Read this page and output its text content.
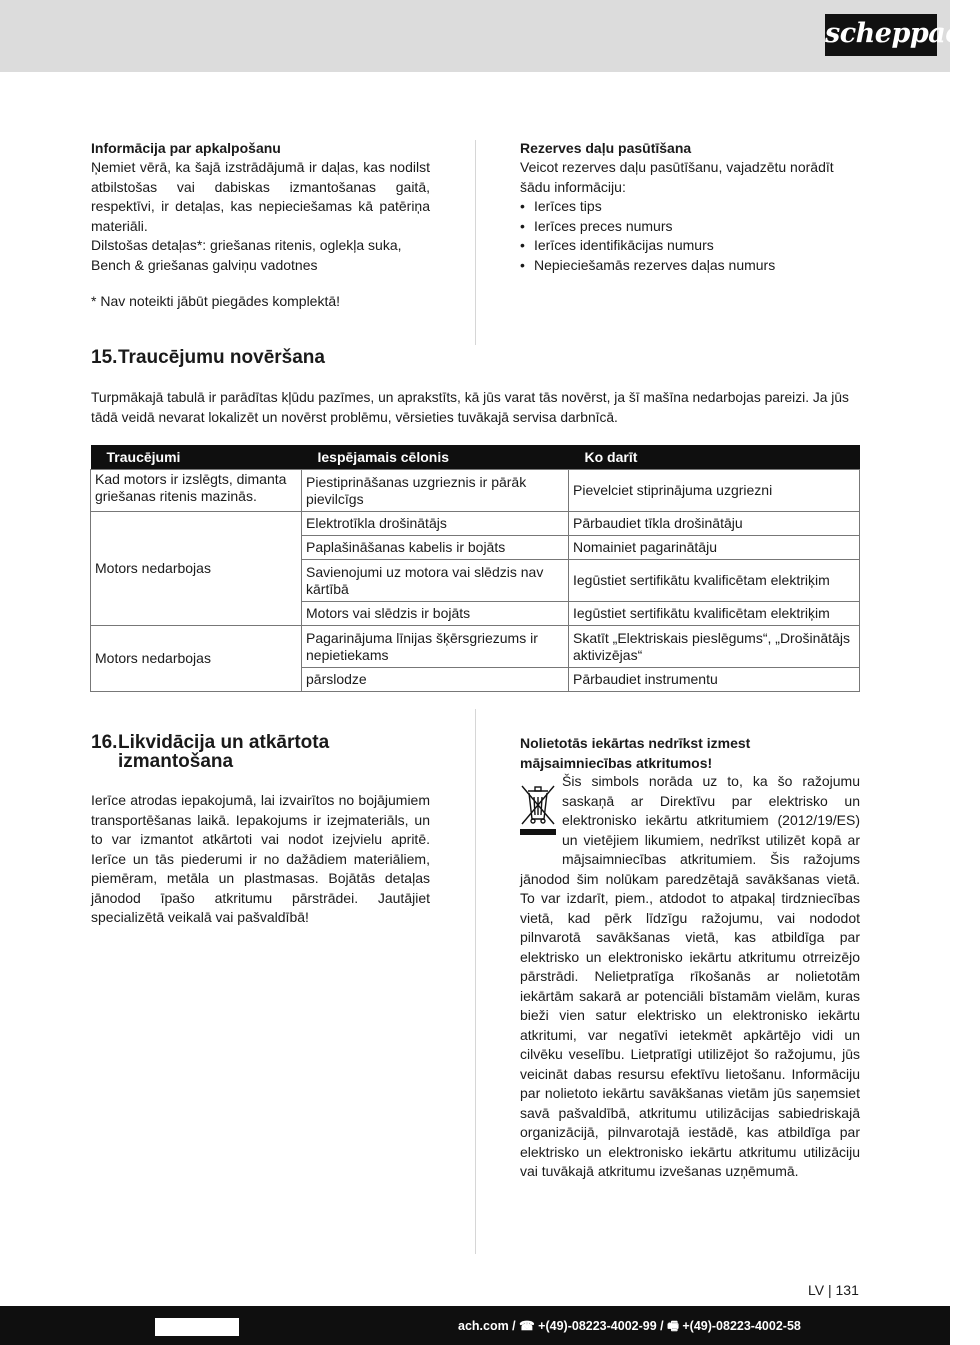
scheppach
Informācija par apkalpošanu
Ņemiet vērā, ka šajā izstrādājumā ir daļas, kas nodilst atbilstošas vai dabiskas izmantošanas gaitā, respektīvi, ir detaļas, kas nepieciešamas kā patēriņa materiāli.
Dilstošas detaļas*: griešanas ritenis, oglekļa suka, Bench & griešanas galviņu vadotnes
* Nav noteikti jābūt piegādes komplektā!
Rezerves daļu pasūtīšana
Veicot rezerves daļu pasūtīšanu, vajadzētu norādīt šādu informāciju:
• Ierīces tips
• Ierīces preces numurs
• Ierīces identifikācijas numurs
• Nepieciešamās rezerves daļas numurs
15.Traucējumu novēršana
Turpmākajā tabulā ir parādītas kļūdu pazīmes, un aprakstīts, kā jūs varat tās novērst, ja šī mašīna nedarbojas pareizi. Ja jūs tādā veidā nevarat lokalizēt un novērst problēmu, vērsieties tuvākajā servisa darbnīcā.
Traucējumi	Iespējamais cēlonis	Ko darīt
Kad motors ir izslēgts, dimanta griešanas ritenis mazinās.	Piestiprināšanas uzgrieznis ir pārāk pievilcīgs	Pievelciet stiprinājuma uzgriezni
Motors nedarbojas	Elektrotīkla drošinātājs	Pārbaudiet tīkla drošinātāju
	Paplašināšanas kabelis ir bojāts	Nomainiet pagarinātāju
	Savienojumi uz motora vai slēdzis nav kārtībā	Iegūstiet sertifikātu kvalificētam elektriķim
	Motors vai slēdzis ir bojāts	Iegūstiet sertifikātu kvalificētam elektriķim
Motors nedarbojas	Pagarinājuma līnijas šķērsgriezums ir nepietiekams	Skatīt „Elektriskais pieslēgums“, „Drošinātājs aktivizējas“
	pārslodze	Pārbaudiet instrumentu
16.Likvidācija un atkārtota
izmantošana
Ierīce atrodas iepakojumā, lai izvairītos no bojājumiem transportēšanas laikā. Iepakojums ir izejmateriāls, un to var izmantot atkārtoti vai nodot izejvielu apritē. Ierīce un tās piederumi ir no dažādiem materiāliem, piemēram, metāla un plastmasas. Bojātās detaļas jānodod īpašo atkritumu pārstrādei. Jautājiet specializētā veikalā vai pašvaldībā!
Nolietotās iekārtas nedrīkst izmest mājsaimniecības atkritumos!
Šis simbols norāda uz to, ka šo ražojumu saskaņā ar Direktīvu par elektrisko un elektronisko iekārtu atkritumiem (2012/19/ES) un vietējiem likumiem, nedrīkst utilizēt kopā ar mājsaimniecības atkritumiem. Šis ražojums jānodod šim nolūkam paredzētajā savākšanas vietā. To var izdarīt, piem., atdodot to atpakaļ tirdzniecības vietā, kad pērk līdzīgu ražojumu, vai nododot pilnvarotā savākšanas vietā, kas atbildīga par elektrisko un elektronisko iekārtu atkritumu otrreizējo pārstrādi. Nelietpratīga rīkošanās ar nolietotām iekārtām sakarā ar potenciāli bīstamām vielām, kuras bieži vien satur elektrisko un elektronisko iekārtu atkritumi, var negatīvi ietekmēt apkārtējo vidi un cilvēku veselību. Lietpratīgi utilizējot šo ražojumu, jūs veicināt dabas resursu efektīvu lietošanu. Informāciju par nolietoto iekārtu savākšanas vietām jūs saņemsiet savā pašvaldībā, atkritumu utilizācijas sabiedriskajā organizācijā, pilnvarotajā iestādē, kas atbildīga par elektrisko un elektronisko iekārtu atkritumu utilizāciju vai tuvākajā atkritumu izvešanas uzņēmumā.
LV | 131
ach.com / ☎ +(49)-08223-4002-99 / 🖷 +(49)-08223-4002-58
